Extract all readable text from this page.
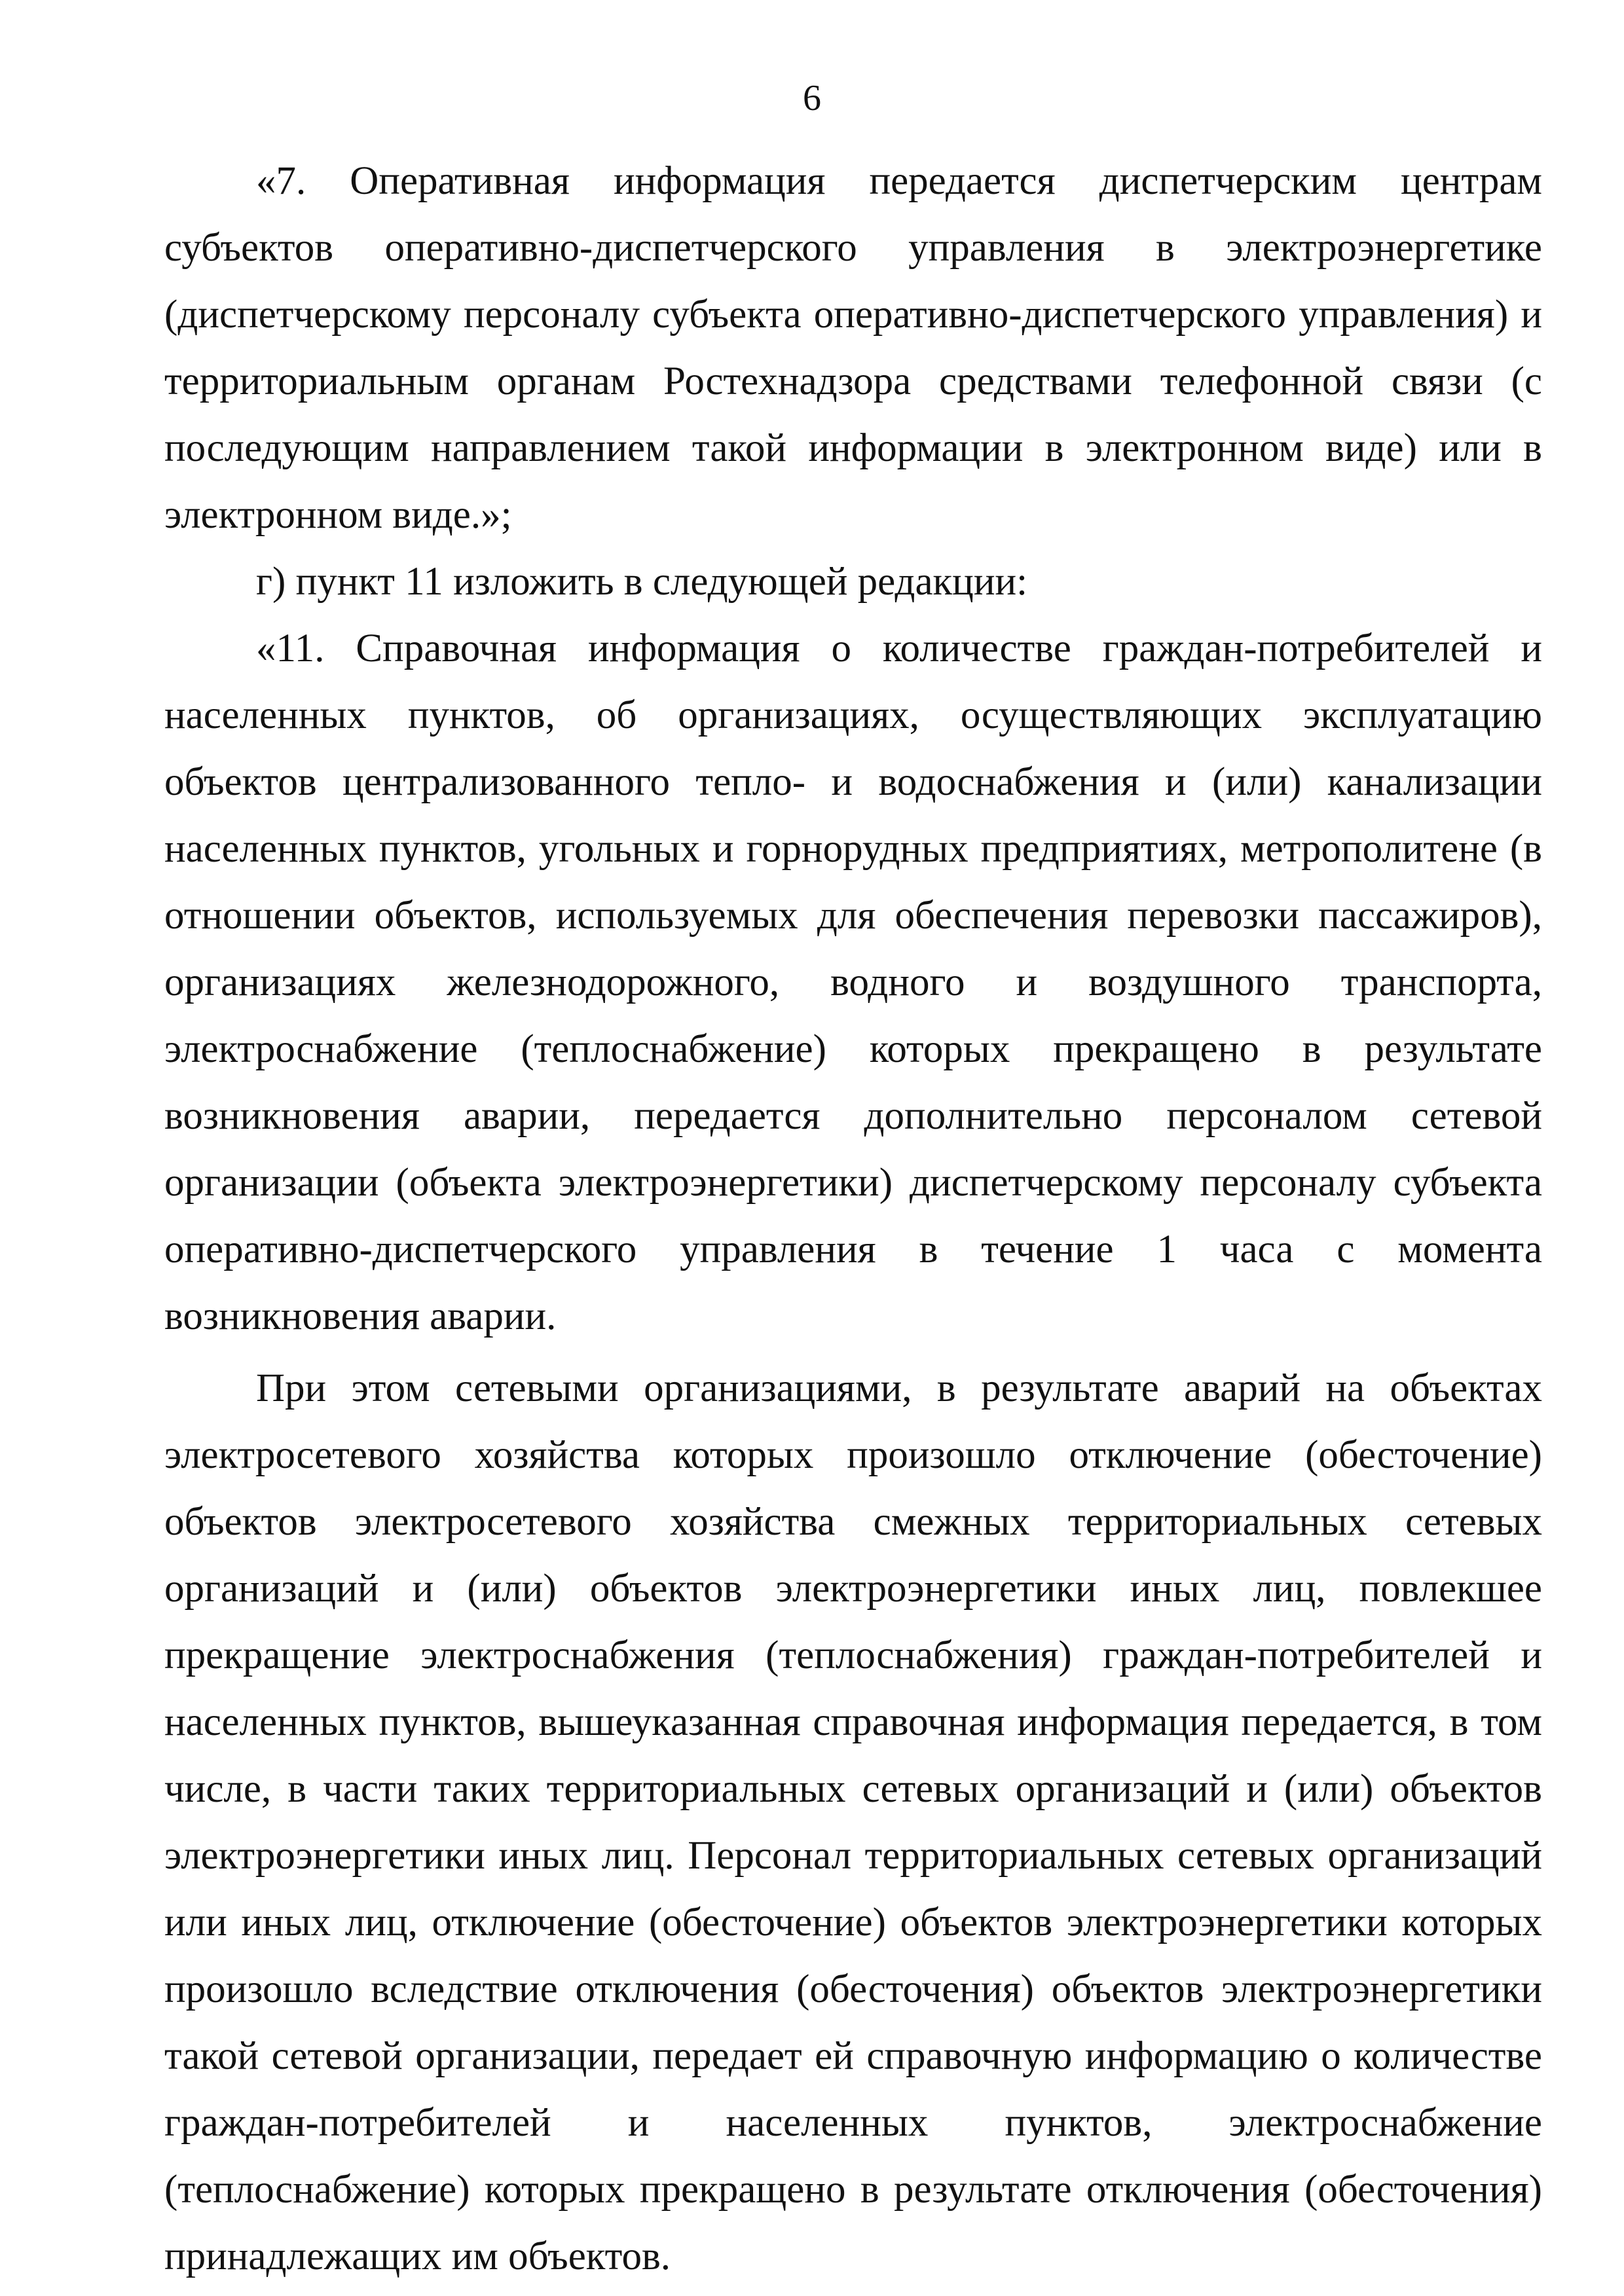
6

«7. Оперативная информация передается диспетчерским центрам субъектов оперативно-диспетчерского управления в электроэнергетике (диспетчерскому персоналу субъекта оперативно-диспетчерского управления) и территориальным органам Ростехнадзора средствами телефонной связи (с последующим направлением такой информации в электронном виде) или в электронном виде.»;

г) пункт 11 изложить в следующей редакции:

«11. Справочная информация о количестве граждан-потребителей и населенных пунктов, об организациях, осуществляющих эксплуатацию объектов централизованного тепло- и водоснабжения и (или) канализации населенных пунктов, угольных и горнорудных предприятиях, метрополитене (в отношении объектов, используемых для обеспечения перевозки пассажиров), организациях железнодорожного, водного и воздушного транспорта, электроснабжение (теплоснабжение) которых прекращено в результате возникновения аварии, передается дополнительно персоналом сетевой организации (объекта электроэнергетики) диспетчерскому персоналу субъекта оперативно-диспетчерского управления в течение 1 часа с момента возникновения аварии.

При этом сетевыми организациями, в результате аварий на объектах электросетевого хозяйства которых произошло отключение (обесточение) объектов электросетевого хозяйства смежных территориальных сетевых организаций и (или) объектов электроэнергетики иных лиц, повлекшее прекращение электроснабжения (теплоснабжения) граждан-потребителей и населенных пунктов, вышеуказанная справочная информация передается, в том числе, в части таких территориальных сетевых организаций и (или) объектов электроэнергетики иных лиц. Персонал территориальных сетевых организаций или иных лиц, отключение (обесточение) объектов электроэнергетики которых произошло вследствие отключения (обесточения) объектов электроэнергетики такой сетевой организации, передает ей справочную информацию о количестве граждан-потребителей и населенных пунктов, электроснабжение (теплоснабжение) которых прекращено в результате отключения (обесточения) принадлежащих им объектов.
